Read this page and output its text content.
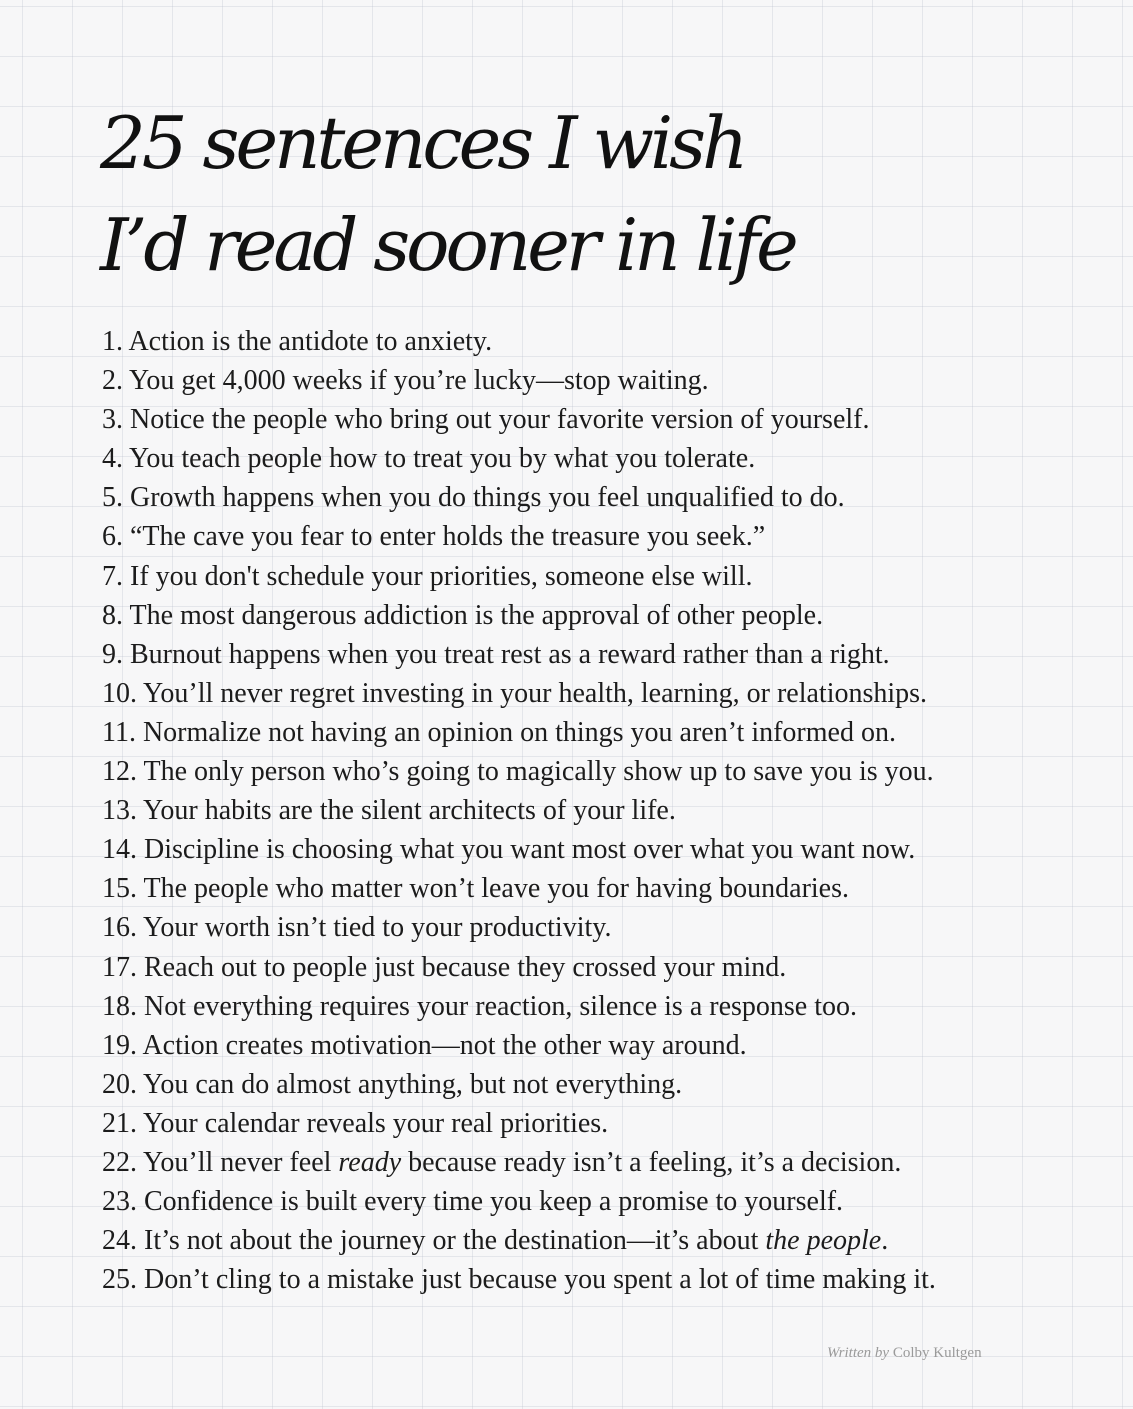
25 sentences I wish
I’d read sooner in life
1. Action is the antidote to anxiety.
2. You get 4,000 weeks if you’re lucky—stop waiting.
3. Notice the people who bring out your favorite version of yourself.
4. You teach people how to treat you by what you tolerate.
5. Growth happens when you do things you feel unqualified to do.
6. “The cave you fear to enter holds the treasure you seek.”
7. If you don't schedule your priorities, someone else will.
8. The most dangerous addiction is the approval of other people.
9. Burnout happens when you treat rest as a reward rather than a right.
10. You’ll never regret investing in your health, learning, or relationships.
11. Normalize not having an opinion on things you aren’t informed on.
12. The only person who’s going to magically show up to save you is you.
13. Your habits are the silent architects of your life.
14. Discipline is choosing what you want most over what you want now.
15. The people who matter won’t leave you for having boundaries.
16. Your worth isn’t tied to your productivity.
17. Reach out to people just because they crossed your mind.
18. Not everything requires your reaction, silence is a response too.
19. Action creates motivation—not the other way around.
20. You can do almost anything, but not everything.
21. Your calendar reveals your real priorities.
22. You’ll never feel ready because ready isn’t a feeling, it’s a decision.
23. Confidence is built every time you keep a promise to yourself.
24. It’s not about the journey or the destination—it’s about the people.
25. Don’t cling to a mistake just because you spent a lot of time making it.
Written by Colby Kultgen
